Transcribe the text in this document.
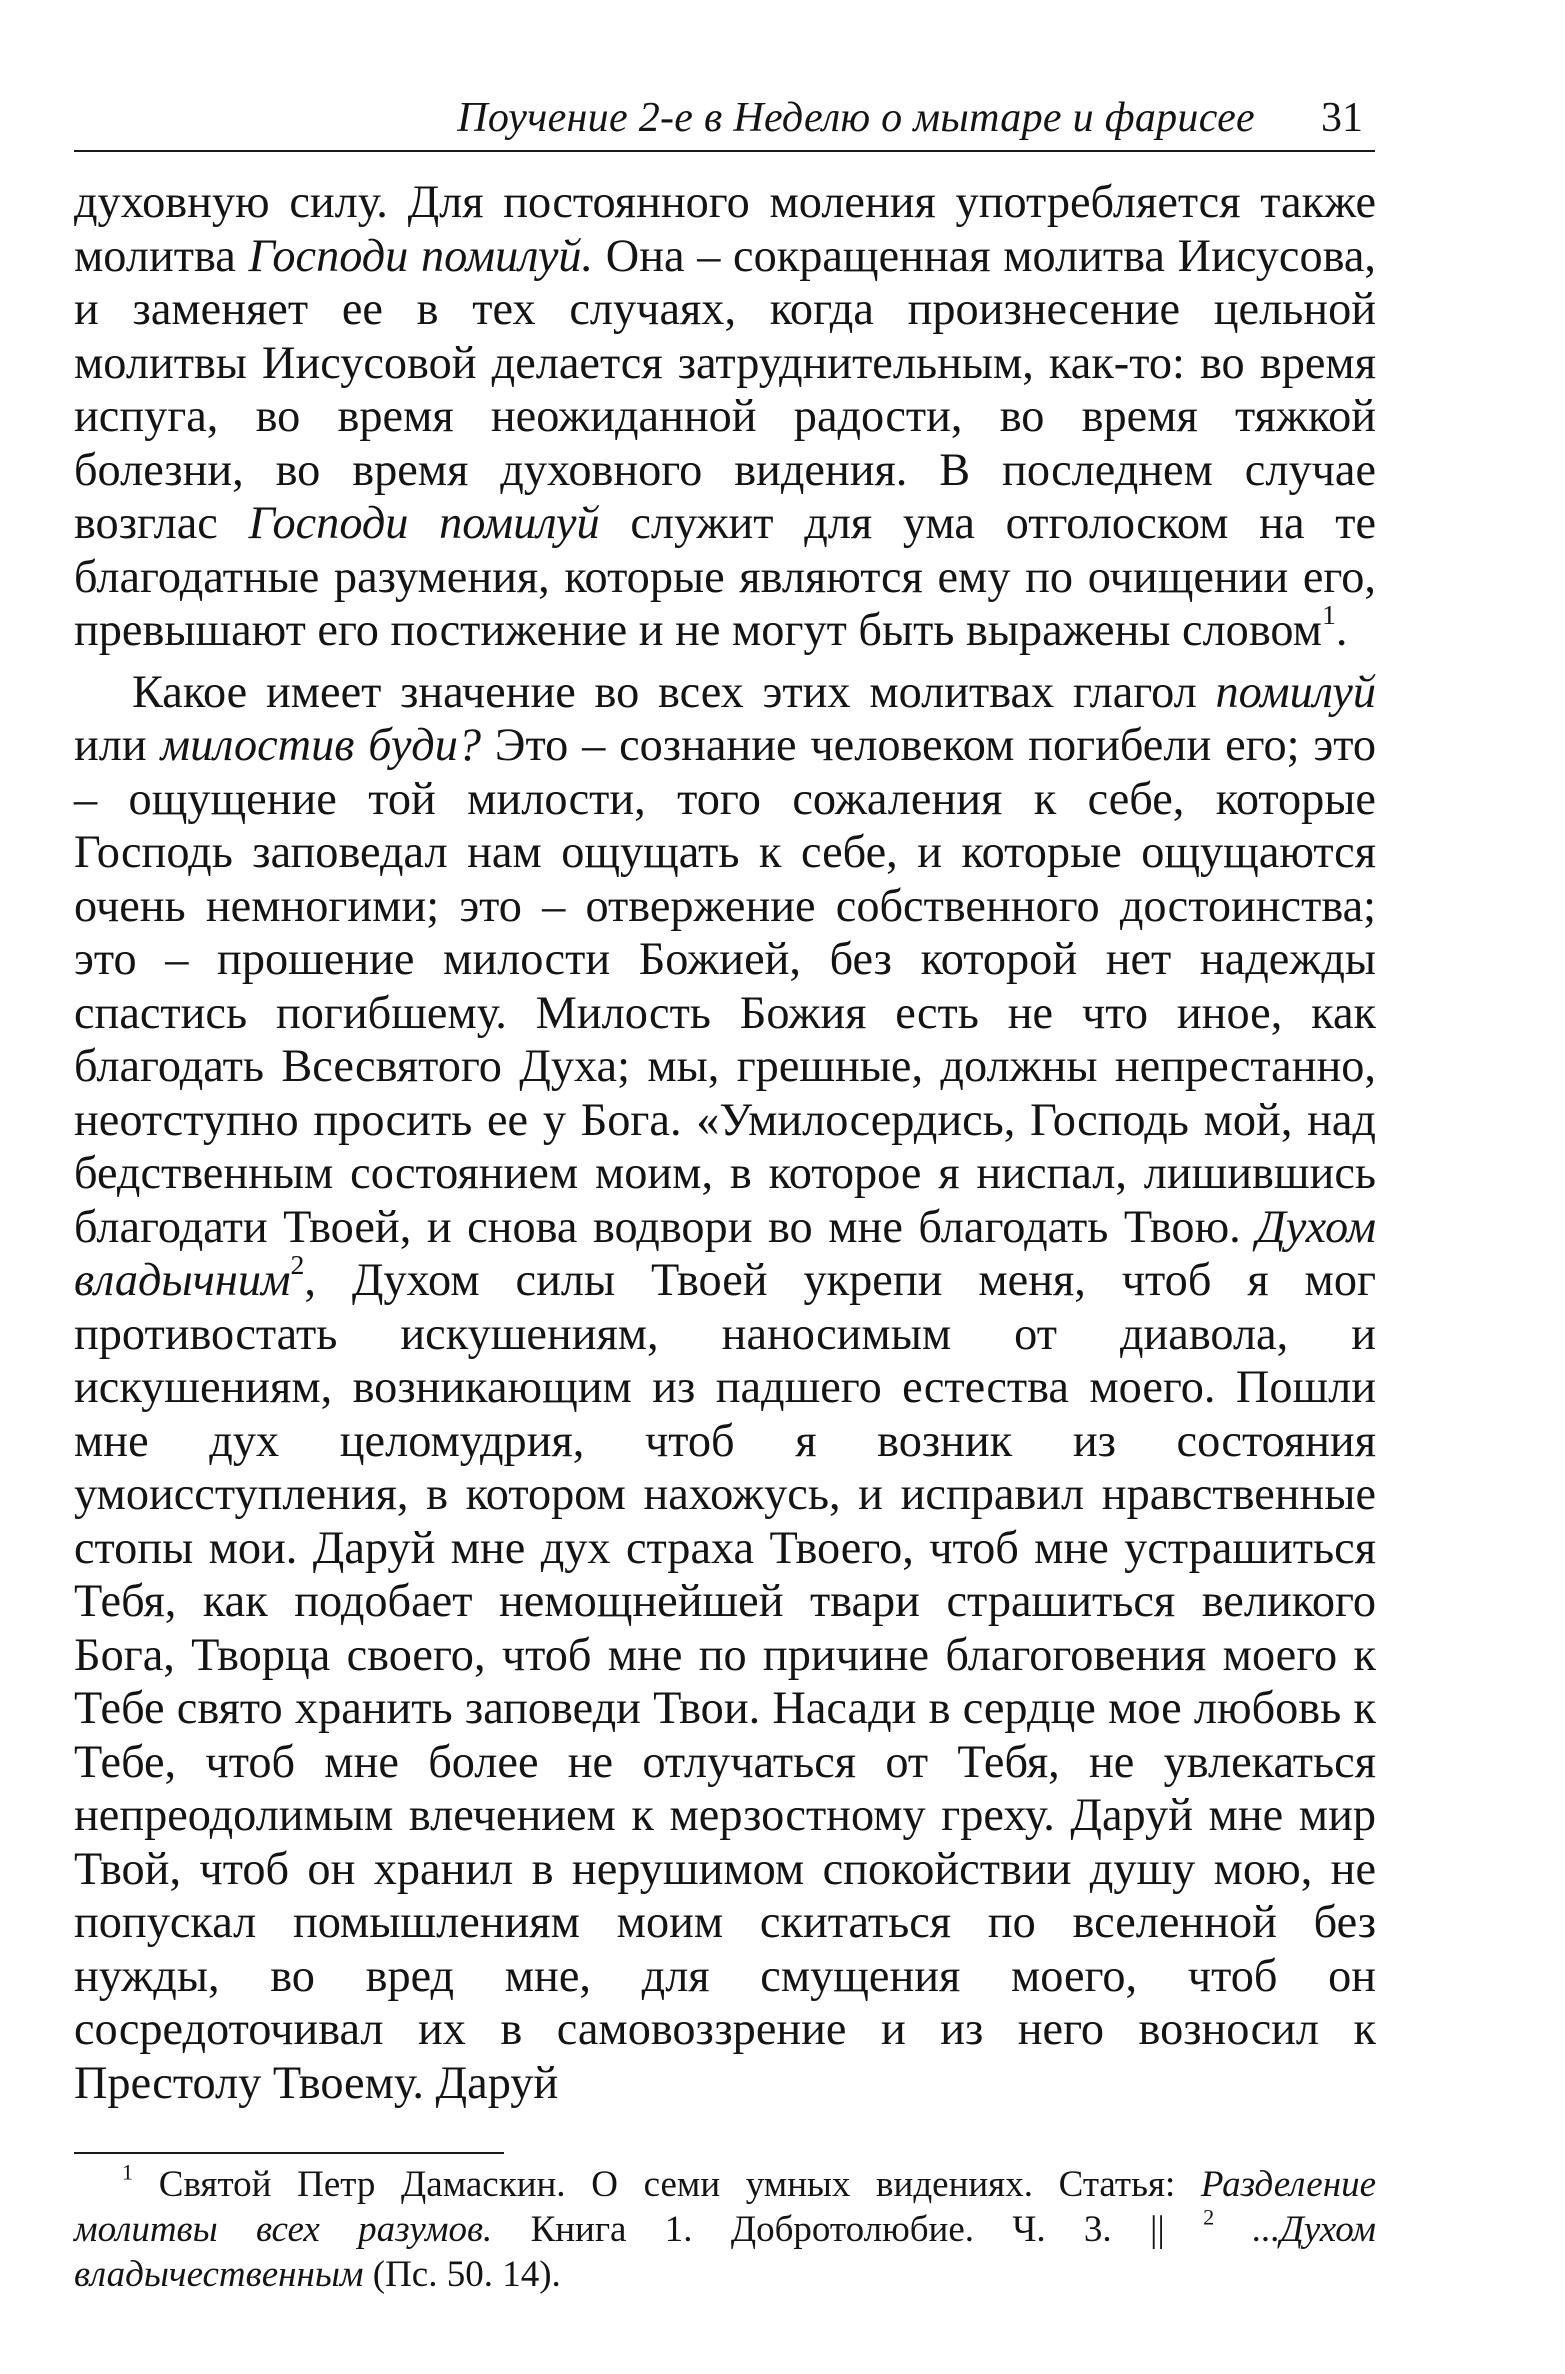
Поучение 2-е в Неделю о мытаре и фарисее 31

духовную силу. Для постоянного моления употребляется также молитва Господи помилуй. Она – сокращенная молитва Иисусова, и заменяет ее в тех случаях, когда произнесение цельной молитвы Иисусовой делается затруднительным, как-то: во время испуга, во время неожиданной радости, во время тяжкой болезни, во время духовного видения. В последнем случае возглас Господи помилуй служит для ума отголоском на те благодатные разумения, которые являются ему по очищении его, превышают его постижение и не могут быть выражены словом$^1$.

Какое имеет значение во всех этих молитвах глагол помилуй или милостив буди? Это – сознание человеком погибели его; это – ощущение той милости, того сожаления к себе, которые Господь заповедал нам ощущать к себе, и которые ощущаются очень немногими; это – отвержение собственного достоинства; это – прошение милости Божией, без которой нет надежды спастись погибшему. Милость Божия есть не что иное, как благодать Всесвятого Духа; мы, грешные, должны непрестанно, неотступно просить ее у Бога. «Умилосердись, Господь мой, над бедственным состоянием моим, в которое я ниспал, лишившись благодати Твоей, и снова водвори во мне благодать Твою. Духом владычним$^2$, Духом силы Твоей укрепи меня, чтоб я мог противостать искушениям, наносимым от диавола, и искушениям, возникающим из падшего естества моего. Пошли мне дух целомудрия, чтоб я возник из состояния умоисступления, в котором нахожусь, и исправил нравственные стопы мои. Даруй мне дух страха Твоего, чтоб мне устрашиться Тебя, как подобает немощнейшей твари страшиться великого Бога, Творца своего, чтоб мне по причине благоговения моего к Тебе свято хранить заповеди Твои. Насади в сердце мое любовь к Тебе, чтоб мне более не отлучаться от Тебя, не увлекаться непреодолимым влечением к мерзостному греху. Даруй мне мир Твой, чтоб он хранил в нерушимом спокойствии душу мою, не попускал помышлениям моим скитаться по вселенной без нужды, во вред мне, для смущения моего, чтоб он сосредоточивал их в самовоззрение и из него возносил к Престолу Твоему. Даруй

$^1$ Святой Петр Дамаскин. О семи умных видениях. Статья: Разделение молитвы всех разумов. Книга 1. Добротолюбие. Ч. 3. || $^2$ ...Духом владычественным (Пс. 50. 14).
